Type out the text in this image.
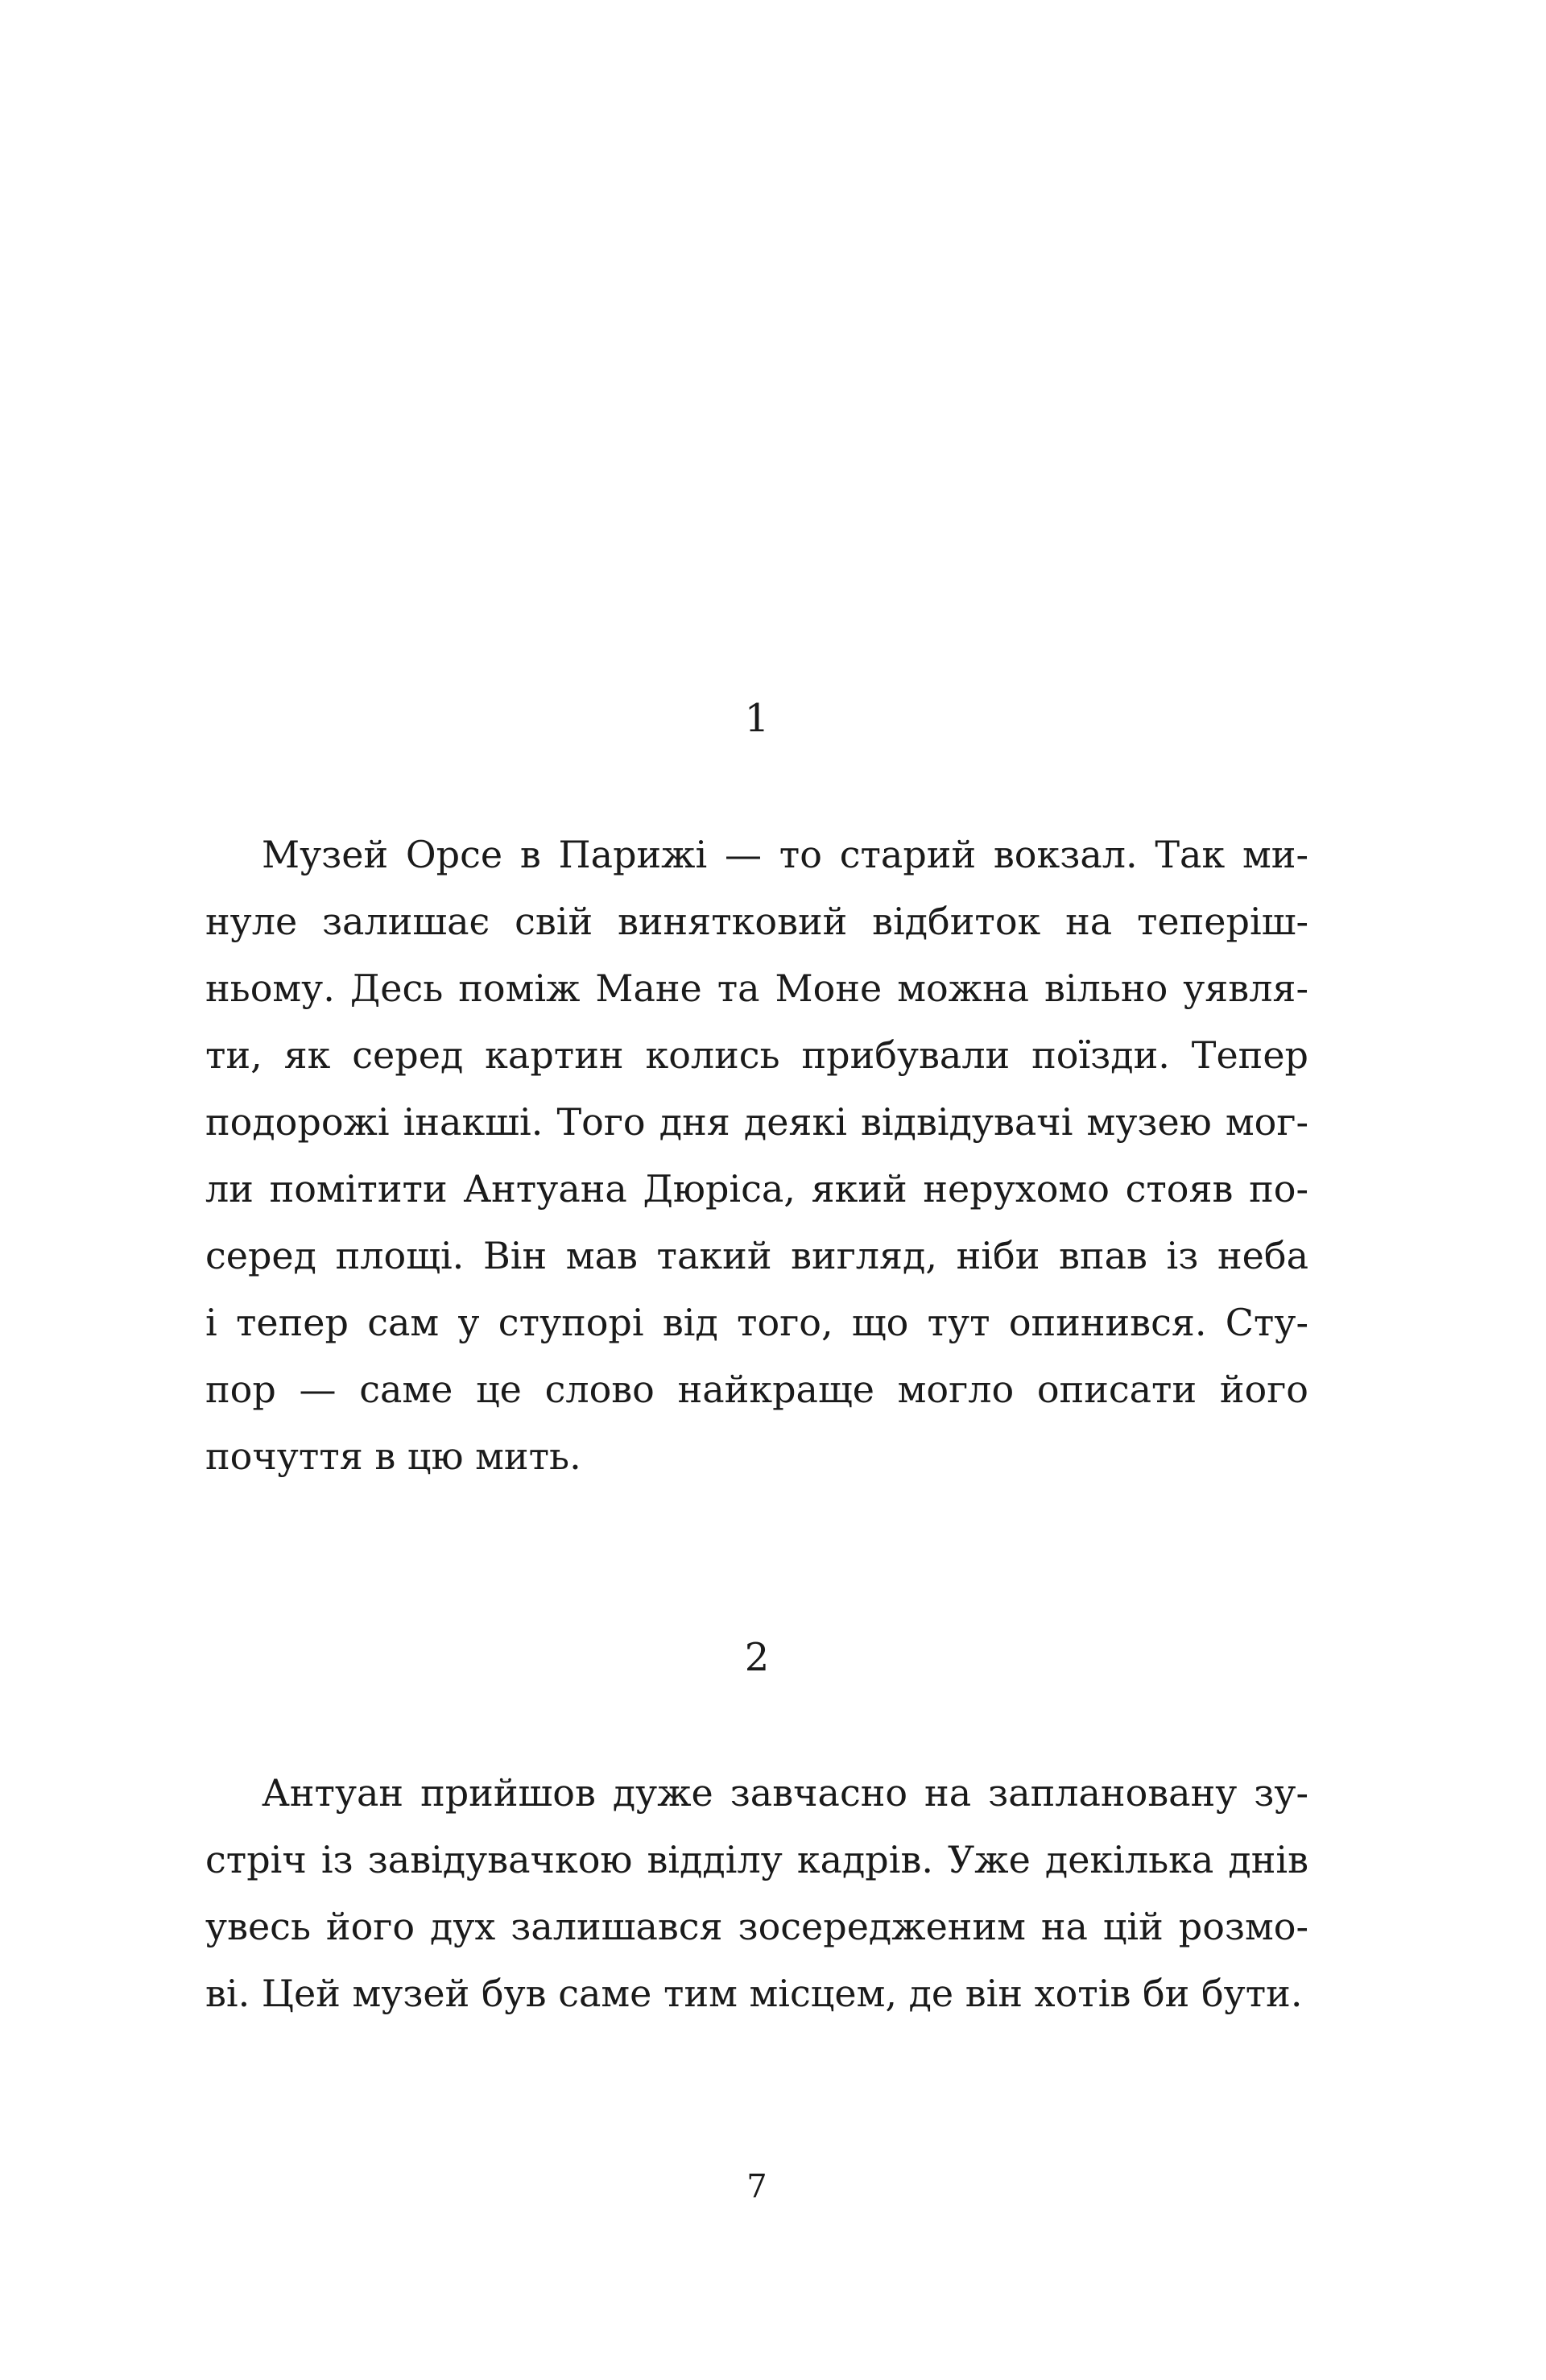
1
Музей Орсе в Парижі — то старий вокзал. Так ми-
нуле залишає свій винятковий відбиток на теперіш-
ньому. Десь поміж Мане та Моне можна вільно уявля-
ти, як серед картин колись прибували поїзди. Тепер
подорожі інакші. Того дня деякі відвідувачі музею мог-
ли помітити Антуана Дюріса, який нерухомо стояв по-
серед площі. Він мав такий вигляд, ніби впав із неба
і тепер сам у ступорі від того, що тут опинився. Сту-
пор — саме це слово найкраще могло описати його
почуття в цю мить.
2
Антуан прийшов дуже завчасно на заплановану зу-
стріч із завідувачкою відділу кадрів. Уже декілька днів
увесь його дух залишався зосередженим на цій розмо-
ві. Цей музей був саме тим місцем, де він хотів би бути.
7
